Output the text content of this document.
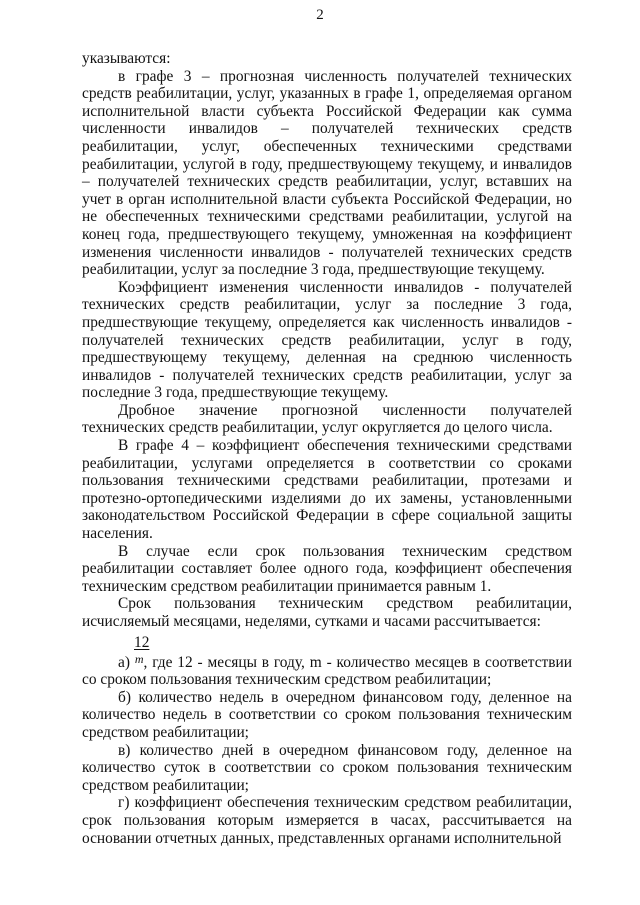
2

указываются:

в графе 3 – прогнозная численность получателей технических средств реабилитации, услуг, указанных в графе 1, определяемая органом исполнительной власти субъекта Российской Федерации как сумма численности инвалидов – получателей технических средств реабилитации, услуг, обеспеченных техническими средствами реабилитации, услугой в году, предшествующему текущему, и инвалидов – получателей технических средств реабилитации, услуг, вставших на учет в орган исполнительной власти субъекта Российской Федерации, но не обеспеченных техническими средствами реабилитации, услугой на конец года, предшествующего текущему, умноженная на коэффициент изменения численности инвалидов - получателей технических средств реабилитации, услуг за последние 3 года, предшествующие текущему.

Коэффициент изменения численности инвалидов - получателей технических средств реабилитации, услуг за последние 3 года, предшествующие текущему, определяется как численность инвалидов - получателей технических средств реабилитации, услуг в году, предшествующему текущему, деленная на среднюю численность инвалидов - получателей технических средств реабилитации, услуг за последние 3 года, предшествующие текущему.

Дробное значение прогнозной численности получателей технических средств реабилитации, услуг округляется до целого числа.

В графе 4 – коэффициент обеспечения техническими средствами реабилитации, услугами определяется в соответствии со сроками пользования техническими средствами реабилитации, протезами и протезно-ортопедическими изделиями до их замены, установленными законодательством Российской Федерации в сфере социальной защиты населения.

В случае если срок пользования техническим средством реабилитации составляет более одного года, коэффициент обеспечения техническим средством реабилитации принимается равным 1.

Срок пользования техническим средством реабилитации, исчисляемый месяцами, неделями, сутками и часами рассчитывается:

12

а) $^m$, где 12 - месяцы в году, m - количество месяцев в соответствии со сроком пользования техническим средством реабилитации;

б) количество недель в очередном финансовом году, деленное на количество недель в соответствии со сроком пользования техническим средством реабилитации;

в) количество дней в очередном финансовом году, деленное на количество суток в соответствии со сроком пользования техническим средством реабилитации;

г) коэффициент обеспечения техническим средством реабилитации, срок пользования которым измеряется в часах, рассчитывается на основании отчетных данных, представленных органами исполнительной
